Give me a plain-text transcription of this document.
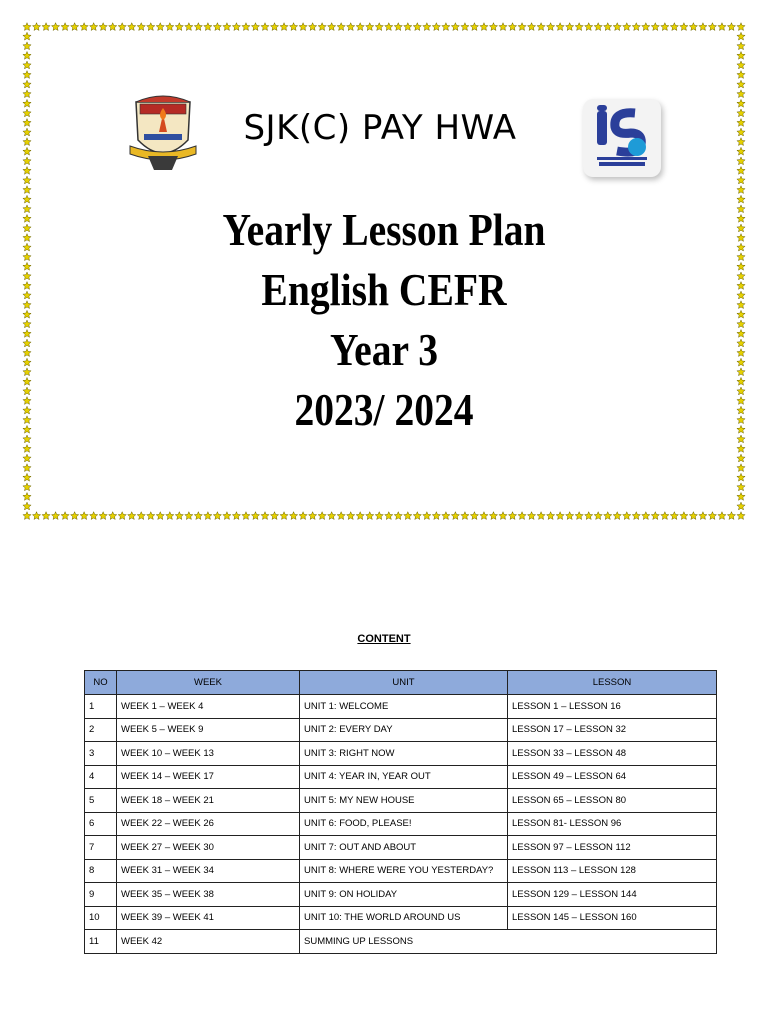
SJK(C) PAY HWA
Yearly Lesson Plan
English CEFR
Year 3
2023/ 2024
CONTENT
NO	WEEK	UNIT	LESSON
1	WEEK 1 – WEEK 4	UNIT 1: WELCOME	LESSON 1 – LESSON 16
2	WEEK 5 – WEEK 9	UNIT 2: EVERY DAY	LESSON 17 – LESSON 32
3	WEEK 10 – WEEK 13	UNIT 3: RIGHT NOW	LESSON 33 – LESSON 48
4	WEEK 14 – WEEK 17	UNIT 4: YEAR IN, YEAR OUT	LESSON 49 – LESSON 64
5	WEEK 18 – WEEK 21	UNIT 5: MY NEW HOUSE	LESSON 65 – LESSON 80
6	WEEK 22 – WEEK 26	UNIT 6: FOOD, PLEASE!	LESSON 81- LESSON 96
7	WEEK 27 – WEEK 30	UNIT 7: OUT AND ABOUT	LESSON 97 – LESSON 112
8	WEEK 31 – WEEK 34	UNIT 8: WHERE WERE YOU YESTERDAY?	LESSON 113 – LESSON 128
9	WEEK 35 – WEEK 38	UNIT 9: ON HOLIDAY	LESSON 129 – LESSON 144
10	WEEK 39 – WEEK 41	UNIT 10: THE WORLD AROUND US	LESSON 145 – LESSON 160
11	WEEK 42	SUMMING UP LESSONS	
